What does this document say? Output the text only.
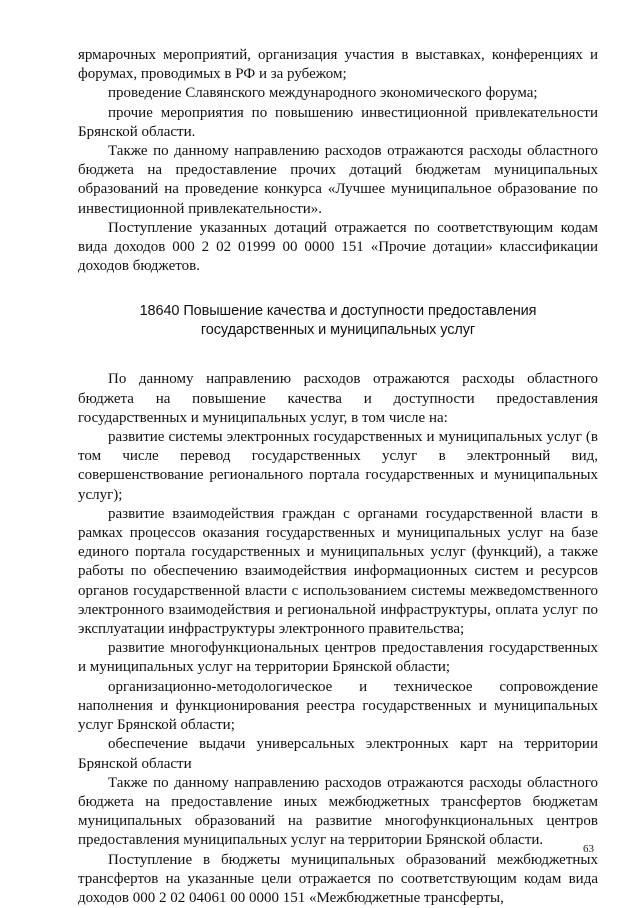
ярмарочных мероприятий, организация участия в выставках, конференциях и форумах, проводимых в РФ и за рубежом;

проведение Славянского международного экономического форума;

прочие мероприятия по повышению инвестиционной привлекательности Брянской области.

Также по данному направлению расходов отражаются расходы областного бюджета на предоставление прочих дотаций бюджетам муниципальных образований на проведение конкурса «Лучшее муниципальное образование по инвестиционной привлекательности».

Поступление указанных дотаций отражается по соответствующим кодам вида доходов 000 2 02 01999 00 0000 151 «Прочие дотации» классификации доходов бюджетов.

18640 Повышение качества и доступности предоставления
государственных и муниципальных услуг

По данному направлению расходов отражаются расходы областного бюджета на повышение качества и доступности предоставления государственных и муниципальных услуг, в том числе на:

развитие системы электронных государственных и муниципальных услуг (в том числе перевод государственных услуг в электронный вид, совершенствование регионального портала государственных и муниципальных услуг);

развитие взаимодействия граждан с органами государственной власти в рамках процессов оказания государственных и муниципальных услуг на базе единого портала государственных и муниципальных услуг (функций), а также работы по обеспечению взаимодействия информационных систем и ресурсов органов государственной власти с использованием системы межведомственного электронного взаимодействия и региональной инфраструктуры, оплата услуг по эксплуатации инфраструктуры электронного правительства;

развитие многофункциональных центров предоставления государственных и муниципальных услуг на территории Брянской области;

организационно-методологическое и техническое сопровождение наполнения и функционирования реестра государственных и муниципальных услуг Брянской области;

обеспечение выдачи универсальных электронных карт на территории Брянской области

Также по данному направлению расходов отражаются расходы областного бюджета на предоставление иных межбюджетных трансфертов бюджетам муниципальных образований на развитие многофункциональных центров предоставления муниципальных услуг на территории Брянской области.

Поступление в бюджеты муниципальных образований межбюджетных трансфертов на указанные цели отражается по соответствующим кодам вида доходов 000 2 02 04061 00 0000 151 «Межбюджетные трансферты,

63
